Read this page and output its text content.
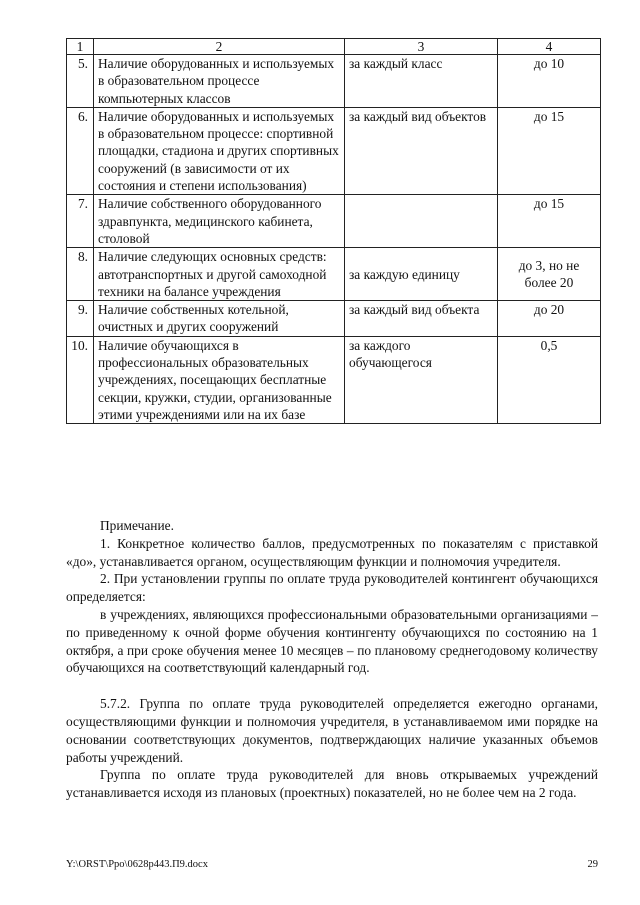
1	2	3	4
5.	Наличие оборудованных и используемых в образовательном процессе компьютерных классов	за каждый класс	до 10
6.	Наличие оборудованных и используемых в образовательном процессе: спортивной площадки, стадиона и других спортивных сооружений (в зависимости от их состояния и степени использования)	за каждый вид объектов	до 15
7.	Наличие собственного оборудованного здравпункта, медицинского кабинета, столовой		до 15
8.	Наличие следующих основных средств: автотранспортных и другой самоходной техники на балансе учреждения	за каждую единицу	до 3, но не более 20
9.	Наличие собственных котельной, очистных и других сооружений	за каждый вид объекта	до 20
10.	Наличие обучающихся в профессиональных образовательных учреждениях, посещающих бесплатные секции, кружки, студии, организованные этими учреждениями или на их базе	за каждого обучающегося	0,5

Примечание.

1. Конкретное количество баллов, предусмотренных по показателям с приставкой «до», устанавливается органом, осуществляющим функции и полномочия учредителя.

2. При установлении группы по оплате труда руководителей контингент обучающихся определяется:

в учреждениях, являющихся профессиональными образовательными организациями – по приведенному к очной форме обучения контингенту обучающихся по состоянию на 1 октября, а при сроке обучения менее 10 месяцев – по плановому среднегодовому количеству обучающихся на соответствующий календарный год.

5.7.2. Группа по оплате труда руководителей определяется ежегодно органами, осуществляющими функции и полномочия учредителя, в устанавливаемом ими порядке на основании соответствующих документов, подтверждающих наличие указанных объемов работы учреждений.

Группа по оплате труда руководителей для вновь открываемых учреждений устанавливается исходя из плановых (проектных) показателей, но не более чем на 2 года.

Y:\ORST\Ppo\0628p443.П9.docx	29
